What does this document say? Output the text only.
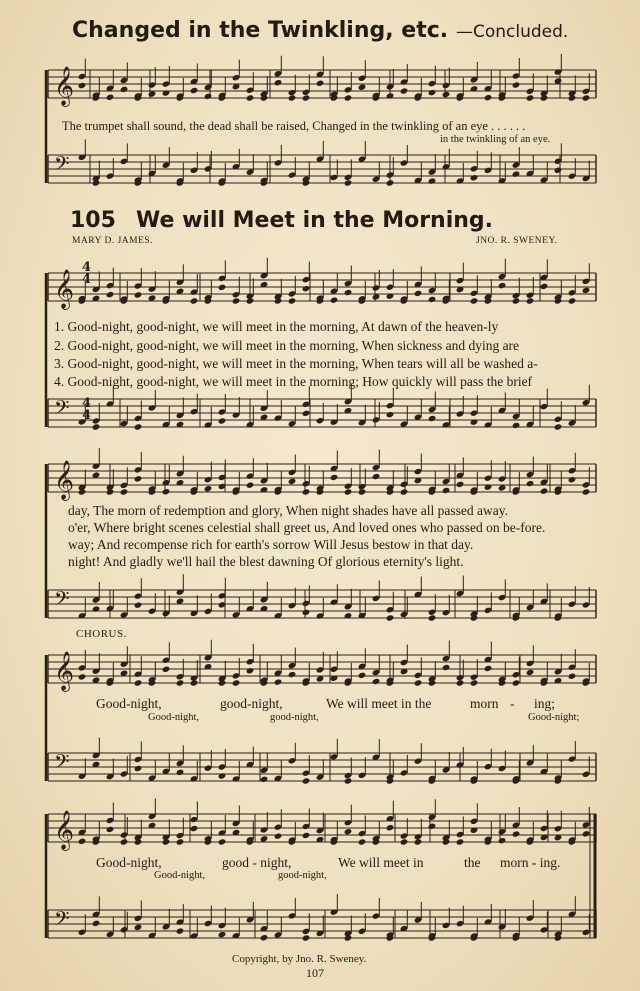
Changed in the Twinkling, etc. —Concluded.
𝄞
𝄢
𝄞
𝄢
𝄞
𝄢
𝄞
𝄢
𝄞
𝄢
The trumpet shall sound, the dead shall be raised, Changed in the twinkling of an eye . . . . . .
in the twinkling of an eye.
105 We will Meet in the Morning.
MARY D. JAMES.	JNO. R. SWENEY.
1. Good-night, good-night, we will meet in the morning, At dawn of the heaven-ly
2. Good-night, good-night, we will meet in the morning, When sickness and dying are
3. Good-night, good-night, we will meet in the morning, When tears will all be washed a-
4. Good-night, good-night, we will meet in the morning; How quickly will pass the brief
day, The morn of redemption and glory, When night shades have all passed away.
o'er, Where bright scenes celestial shall greet us, And loved ones who passed on be-fore.
way; And recompense rich for earth's sorrow Will Jesus bestow in that day.
night! And gladly we'll hail the blest dawning Of glorious eternity's light.
CHORUS.
Good-night,	good-night,	We will meet in the	morn - ing;
Good-night,	good-night,	Good-night;
Good-night,	good - night,	We will meet in	the morn - ing.
Good-night,	good-night,
Copyright, by Jno. R. Sweney.
107
4
4
4
4
